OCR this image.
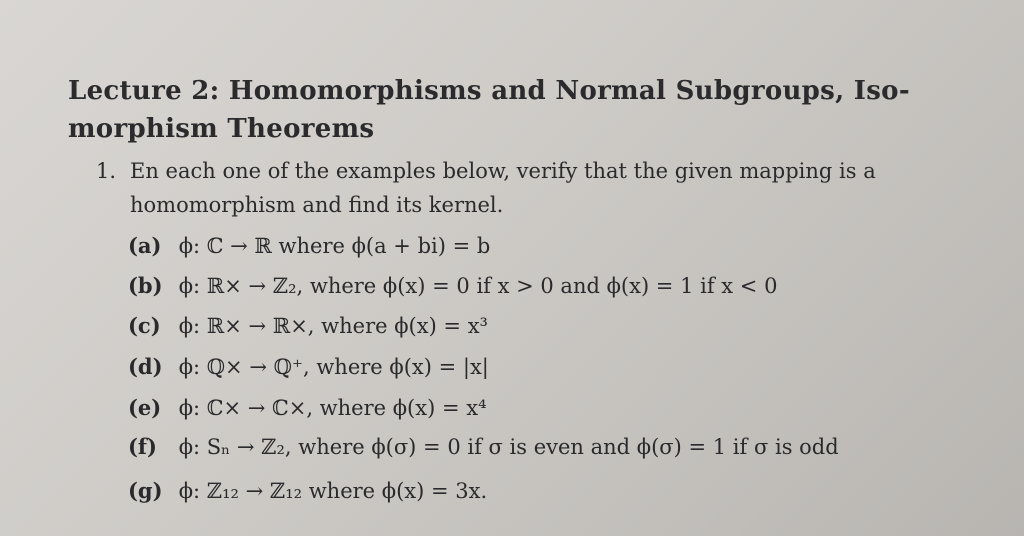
Lecture 2: Homomorphisms and Normal Subgroups, Iso-
morphism Theorems
1. En each one of the examples below, verify that the given mapping is a
homomorphism and find its kernel.
(a) ϕ: ℂ → ℝ where ϕ(a + bi) = b
(b) ϕ: ℝ× → ℤ₂, where ϕ(x) = 0 if x > 0 and ϕ(x) = 1 if x < 0
(c) ϕ: ℝ× → ℝ×, where ϕ(x) = x³
(d) ϕ: ℚ× → ℚ⁺, where ϕ(x) = |x|
(e) ϕ: ℂ× → ℂ×, where ϕ(x) = x⁴
(f) ϕ: Sₙ → ℤ₂, where ϕ(σ) = 0 if σ is even and ϕ(σ) = 1 if σ is odd
(g) ϕ: ℤ₁₂ → ℤ₁₂ where ϕ(x) = 3x.
